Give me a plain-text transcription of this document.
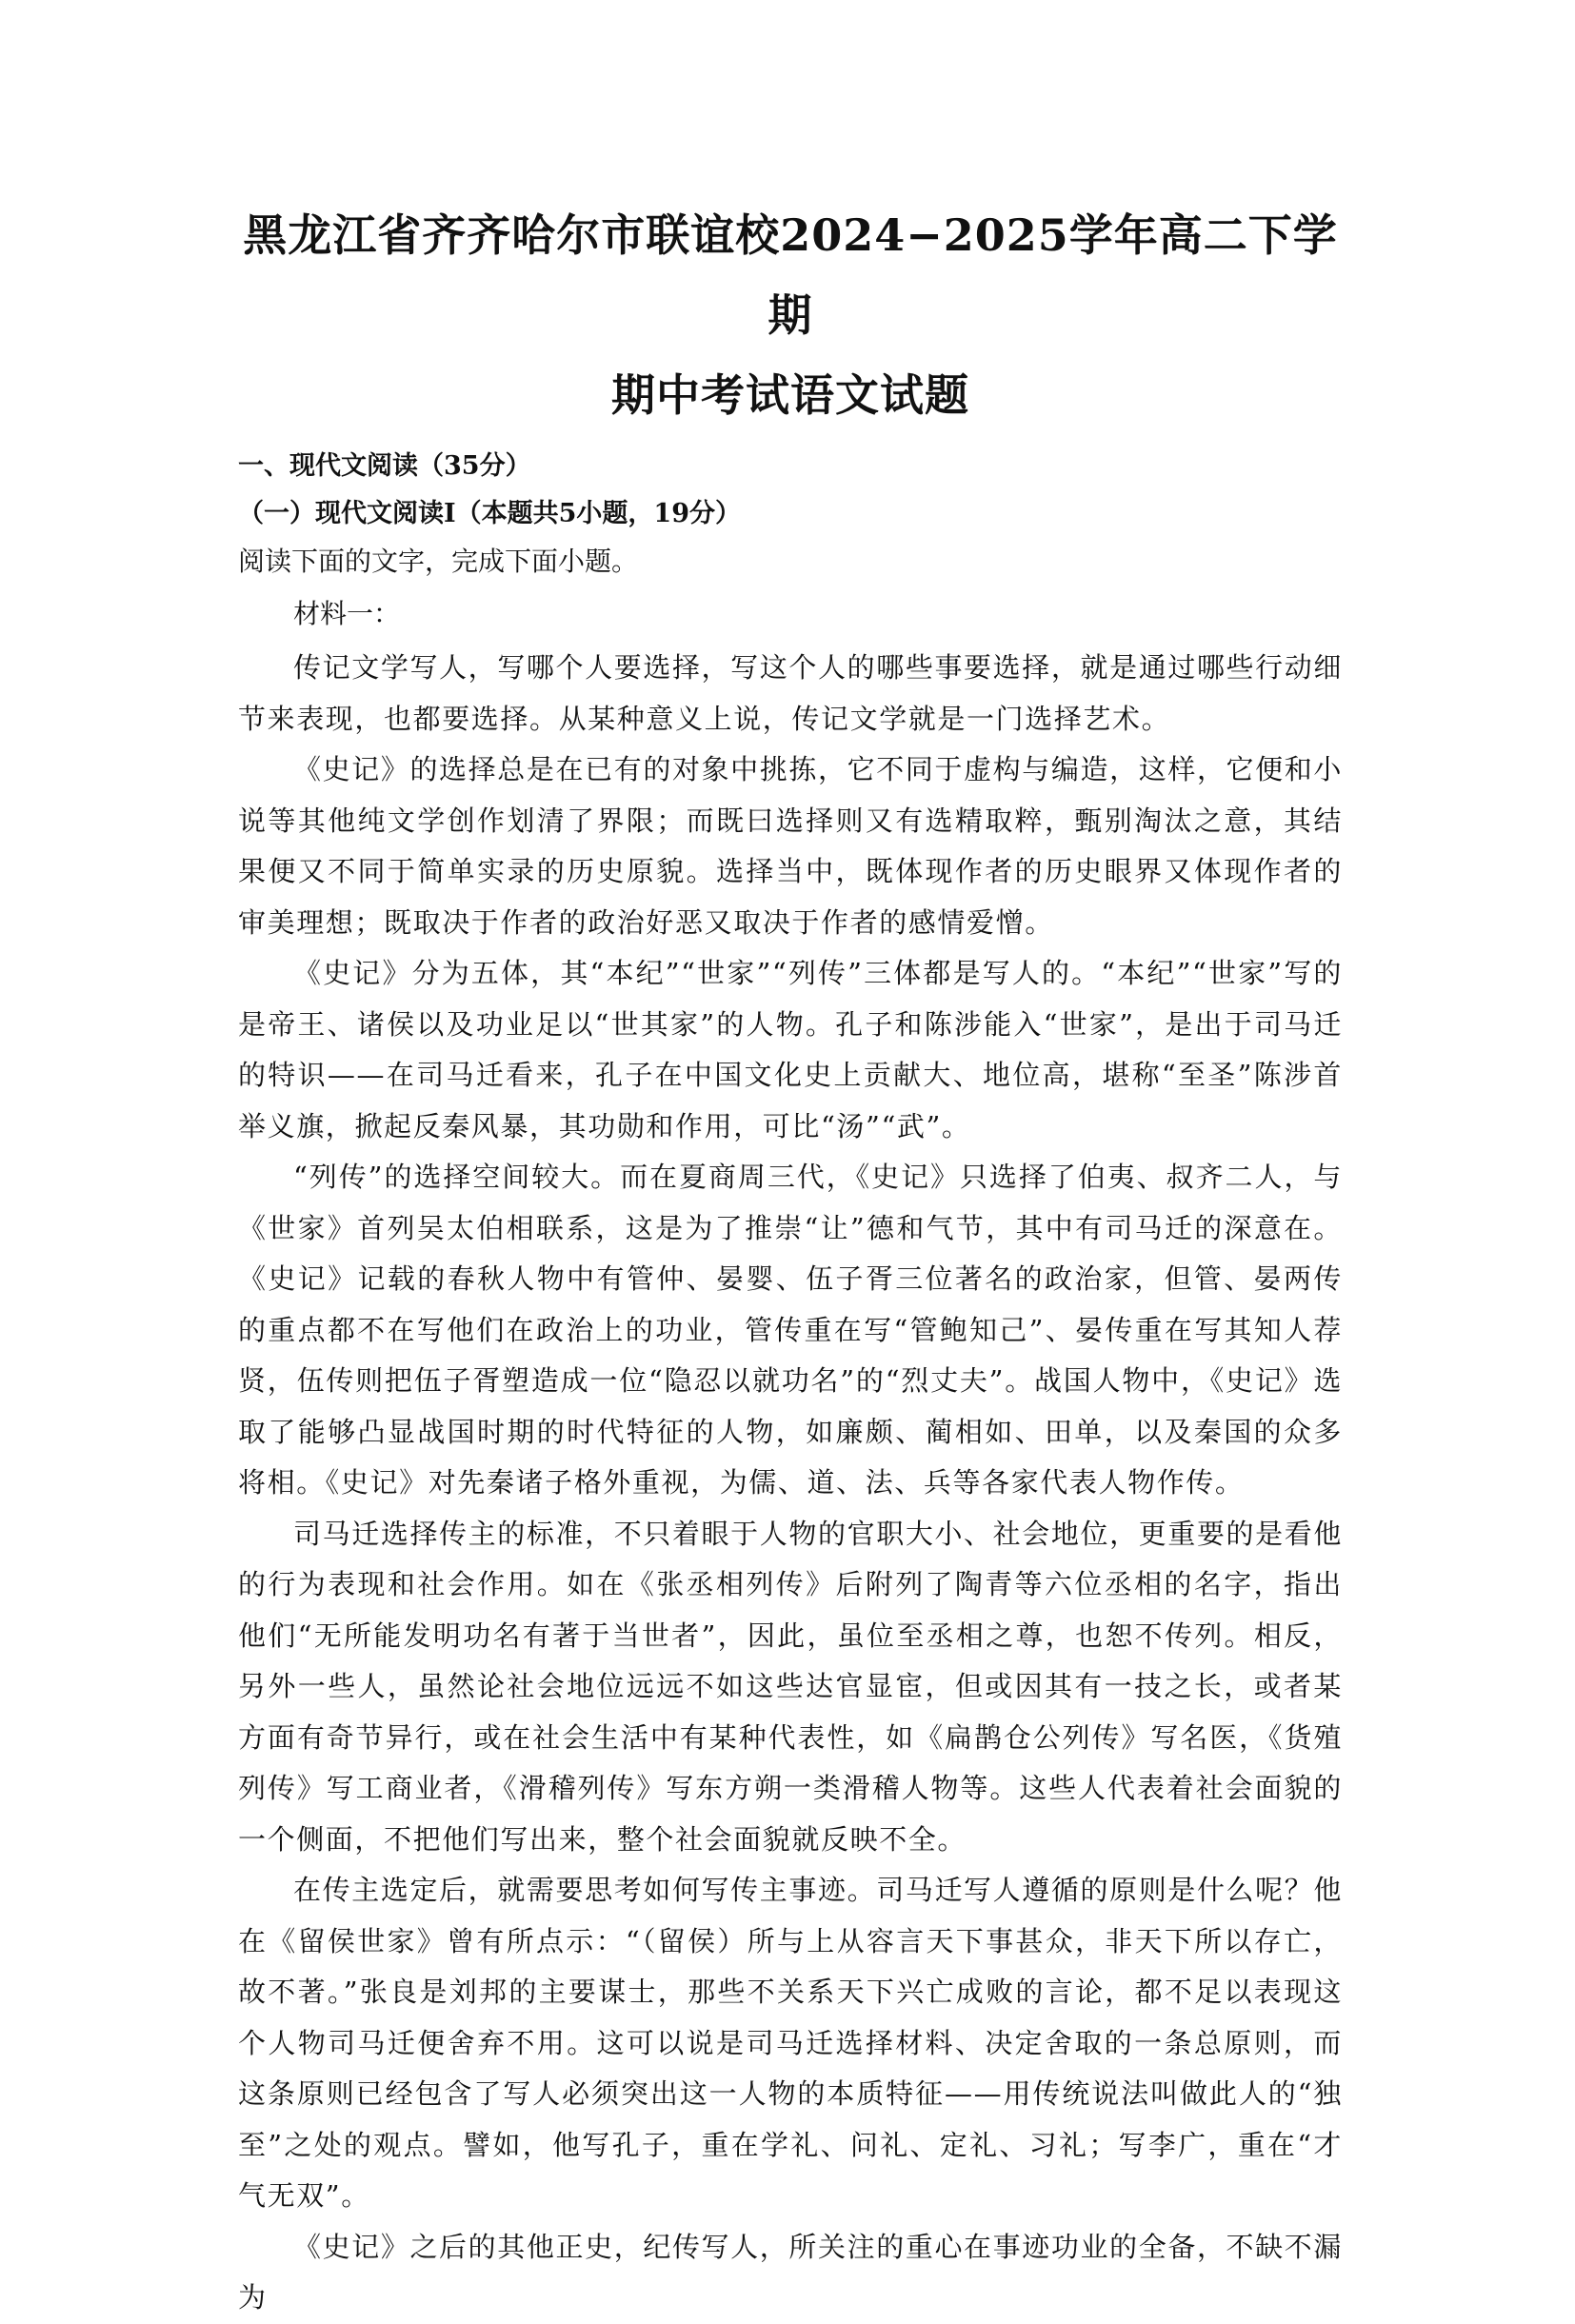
黑龙江省齐齐哈尔市联谊校2024−2025学年高二下学期
期中考试语文试题

一、现代文阅读（35分）

（一）现代文阅读Ⅰ（本题共5小题，19分）

阅读下面的文字，完成下面小题。

材料一：

传记文学写人，写哪个人要选择，写这个人的哪些事要选择，就是通过哪些行动细节来表现，也都要选择。从某种意义上说，传记文学就是一门选择艺术。

《史记》的选择总是在已有的对象中挑拣，它不同于虚构与编造，这样，它便和小说等其他纯文学创作划清了界限；而既曰选择则又有选精取粹，甄别淘汰之意，其结果便又不同于简单实录的历史原貌。选择当中，既体现作者的历史眼界又体现作者的审美理想；既取决于作者的政治好恶又取决于作者的感情爱憎。

《史记》分为五体，其“本纪”“世家”“列传”三体都是写人的。“本纪”“世家”写的是帝王、诸侯以及功业足以“世其家”的人物。孔子和陈涉能入“世家”，是出于司马迁的特识——在司马迁看来，孔子在中国文化史上贡献大、地位高，堪称“至圣”陈涉首举义旗，掀起反秦风暴，其功勋和作用，可比“汤”“武”。

“列传”的选择空间较大。而在夏商周三代，《史记》只选择了伯夷、叔齐二人，与《世家》首列吴太伯相联系，这是为了推崇“让”德和气节，其中有司马迁的深意在。《史记》记载的春秋人物中有管仲、晏婴、伍子胥三位著名的政治家，但管、晏两传的重点都不在写他们在政治上的功业，管传重在写“管鲍知己”、晏传重在写其知人荐贤，伍传则把伍子胥塑造成一位“隐忍以就功名”的“烈丈夫”。战国人物中，《史记》选取了能够凸显战国时期的时代特征的人物，如廉颇、蔺相如、田单，以及秦国的众多将相。《史记》对先秦诸子格外重视，为儒、道、法、兵等各家代表人物作传。

司马迁选择传主的标准，不只着眼于人物的官职大小、社会地位，更重要的是看他的行为表现和社会作用。如在《张丞相列传》后附列了陶青等六位丞相的名字，指出他们“无所能发明功名有著于当世者”，因此，虽位至丞相之尊，也恕不传列。相反，另外一些人，虽然论社会地位远远不如这些达官显宦，但或因其有一技之长，或者某方面有奇节异行，或在社会生活中有某种代表性，如《扁鹊仓公列传》写名医，《货殖列传》写工商业者，《滑稽列传》写东方朔一类滑稽人物等。这些人代表着社会面貌的一个侧面，不把他们写出来，整个社会面貌就反映不全。

在传主选定后，就需要思考如何写传主事迹。司马迁写人遵循的原则是什么呢？他在《留侯世家》曾有所点示：“（留侯）所与上从容言天下事甚众，非天下所以存亡，故不著。”张良是刘邦的主要谋士，那些不关系天下兴亡成败的言论，都不足以表现这个人物司马迁便舍弃不用。这可以说是司马迁选择材料、决定舍取的一条总原则，而这条原则已经包含了写人必须突出这一人物的本质特征——用传统说法叫做此人的“独至”之处的观点。譬如，他写孔子，重在学礼、问礼、定礼、习礼；写李广，重在“才气无双”。

《史记》之后的其他正史，纪传写人，所关注的重心在事迹功业的全备，不缺不漏为
